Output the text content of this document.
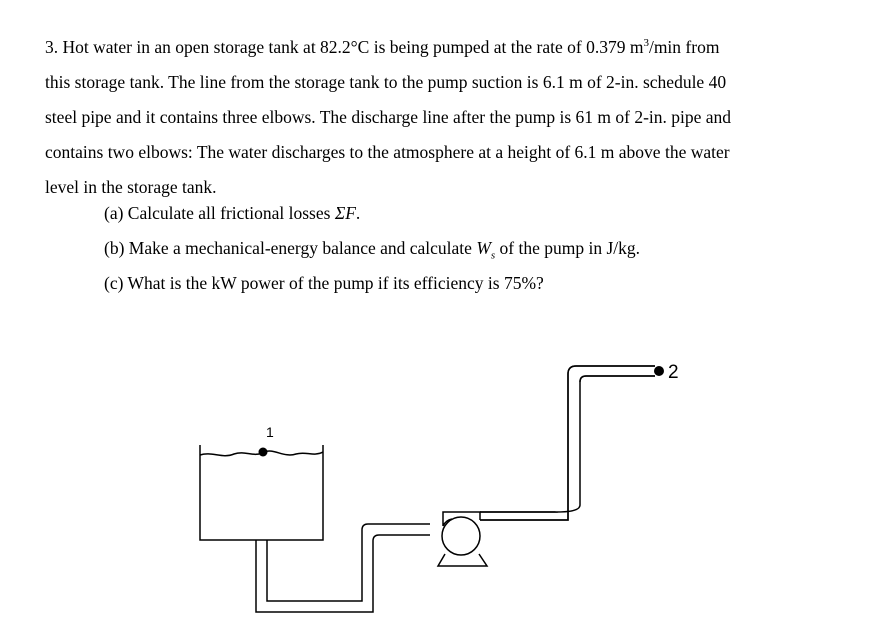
3. Hot water in an open storage tank at 82.2°C is being pumped at the rate of 0.379 $m^3/\min$ from
this storage tank. The line from the storage tank to the pump suction is 6.1 m of 2-in. schedule 40
steel pipe and it contains three elbows. The discharge line after the pump is 61 m of 2-in. pipe and
contains two elbows: The water discharges to the atmosphere at a height of 6.1 m above the water
level in the storage tank.
(a) Calculate all frictional losses ΣF.
(b) Make a mechanical-energy balance and calculate $W_s$ of the pump in J/kg.
(c) What is the kW power of the pump if its efficiency is 75%?
1
2
